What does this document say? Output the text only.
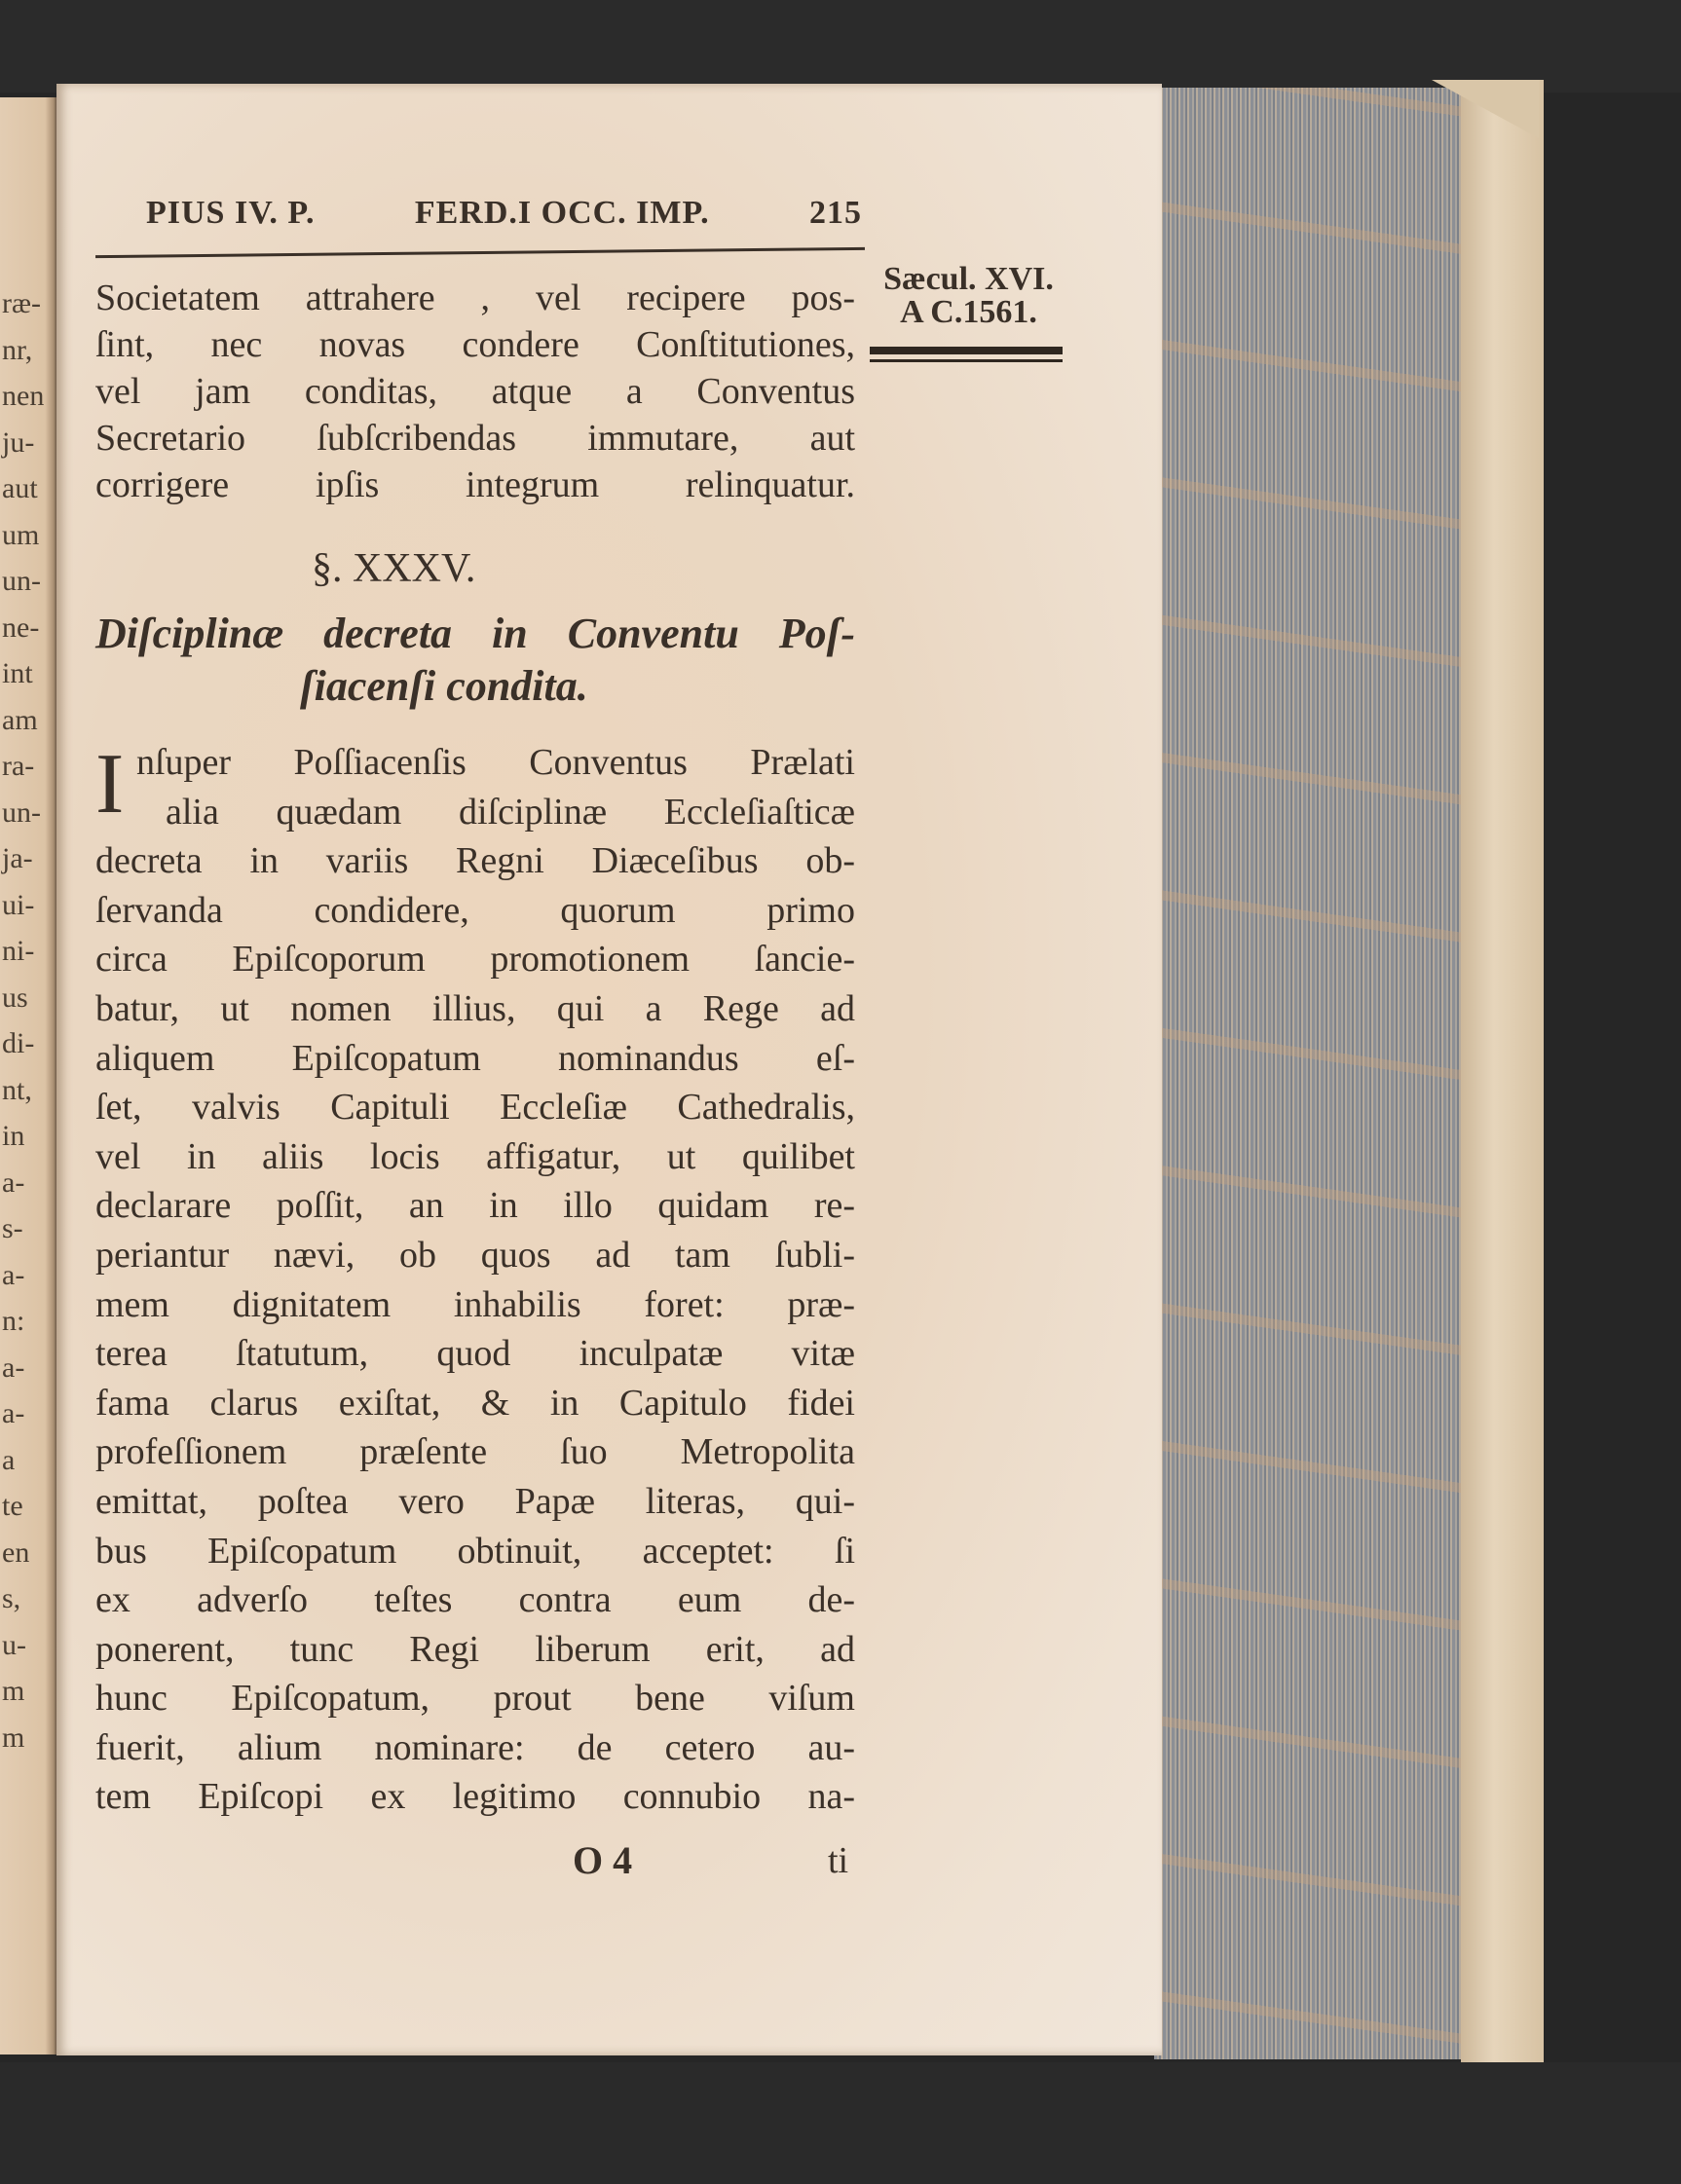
ræ-
nr,
nen
ju-
aut
um
un-
ne-
int
am
ra-
un-
ja-
ui-
ni-
us
di-
nt,
in
a-
s-
a-
n:
a-
a-
a
te
en
s,
u-
m
m
PIUS IV. P.	FERD.I OCC. IMP.	215
Sæcul. XVI.
A C.1561.
Societatem attrahere , vel recipere pos-
ſint, nec novas condere Conſtitutiones,
vel jam conditas, atque a Conventus
Secretario ſubſcribendas immutare, aut
corrigere ipſis integrum relinquatur.
§. XXXV.
Diſciplinæ decreta in Conventu Poſ-
ſiacenſi condita.
I nſuper Poſſiacenſis Conventus Prælati
alia quædam diſciplinæ Eccleſiaſticæ
decreta in variis Regni Diæceſibus ob-
ſervanda condidere, quorum primo
circa Epiſcoporum promotionem ſancie-
batur, ut nomen illius, qui a Rege ad
aliquem Epiſcopatum nominandus eſ-
ſet, valvis Capituli Eccleſiæ Cathedralis,
vel in aliis locis affigatur, ut quilibet
declarare poſſit, an in illo quidam re-
periantur nævi, ob quos ad tam ſubli-
mem dignitatem inhabilis foret: præ-
terea ſtatutum, quod inculpatæ vitæ
fama clarus exiſtat, & in Capitulo fidei
profeſſionem præſente ſuo Metropolita
emittat, poſtea vero Papæ literas, qui-
bus Epiſcopatum obtinuit, acceptet: ſi
ex adverſo teſtes contra eum de-
ponerent, tunc Regi liberum erit, ad
hunc Epiſcopatum, prout bene viſum
fuerit, alium nominare: de cetero au-
tem Epiſcopi ex legitimo connubio na-
O 4	ti
